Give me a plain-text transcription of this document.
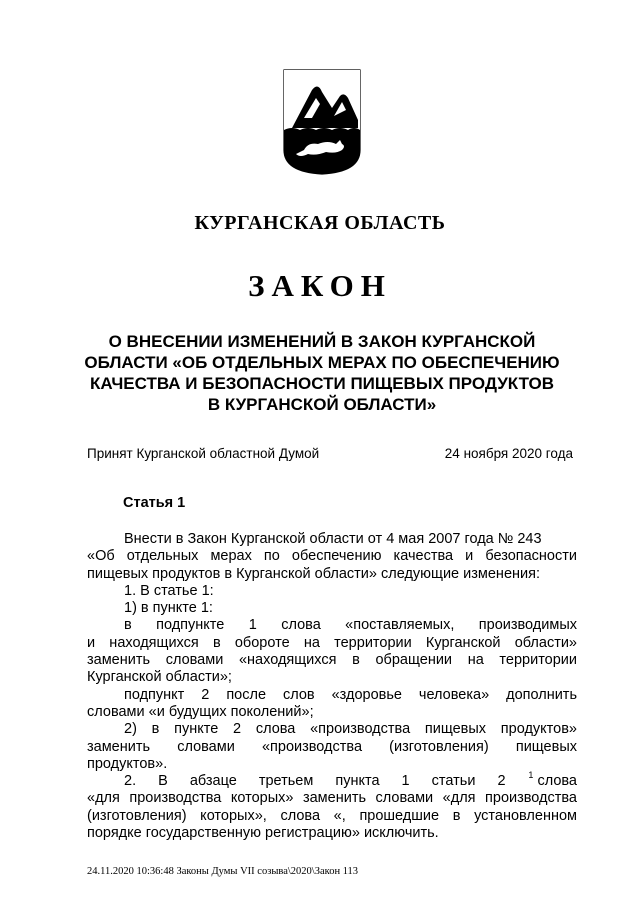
КУРГАНСКАЯ ОБЛАСТЬ
ЗАКОН
О ВНЕСЕНИИ ИЗМЕНЕНИЙ В ЗАКОН КУРГАНСКОЙ
ОБЛАСТИ «ОБ ОТДЕЛЬНЫХ МЕРАХ ПО ОБЕСПЕЧЕНИЮ
КАЧЕСТВА И БЕЗОПАСНОСТИ ПИЩЕВЫХ ПРОДУКТОВ
В КУРГАНСКОЙ ОБЛАСТИ»
Принят Курганской областной Думой	24 ноября 2020 года
Статья 1
Внести в Закон Курганской области от 4 мая 2007 года № 243
«Об отдельных мерах по обеспечению качества и безопасности
пищевых продуктов в Курганской области» следующие изменения:
1. В статье 1:
1) в пункте 1:
в подпункте 1 слова «поставляемых, производимых
и находящихся в обороте на территории Курганской области»
заменить словами «находящихся в обращении на территории
Курганской области»;
подпункт 2 после слов «здоровье человека» дополнить
словами «и будущих поколений»;
2) в пункте 2 слова «производства пищевых продуктов»
заменить словами «производства (изготовления) пищевых
продуктов».
2. В абзаце третьем пункта 1 статьи 2	$^1$ слова
«для производства которых» заменить словами «для производства
(изготовления) которых», слова «, прошедшие в установленном
порядке государственную регистрацию» исключить.
24.11.2020 10:36:48 Законы Думы VII созыва\2020\Закон 113
